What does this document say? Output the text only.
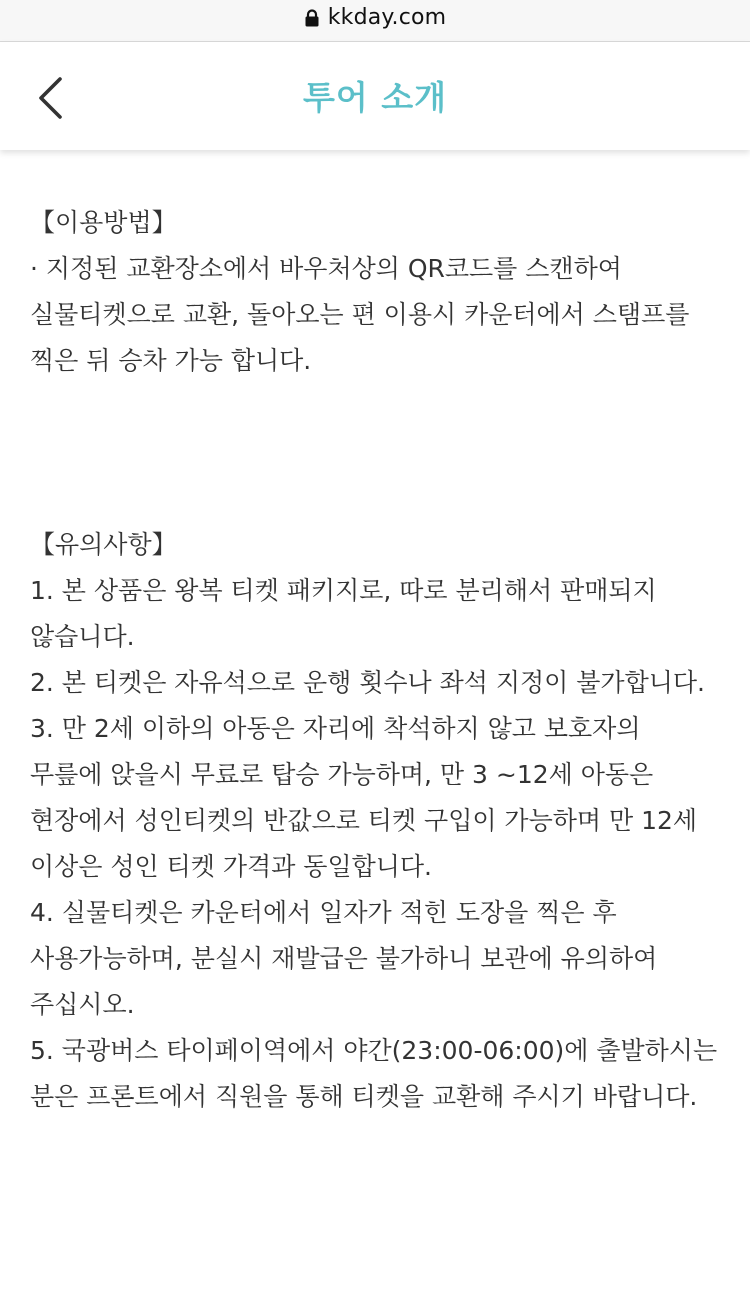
kkday.com
투어 소개

【이용방법】

· 지정된 교환장소에서 바우처상의 QR코드를 스캔하여 실물티켓으로 교환, 돌아오는 편 이용시 카운터에서 스탬프를 찍은 뒤 승차 가능 합니다.

【유의사항】

1. 본 상품은 왕복 티켓 패키지로, 따로 분리해서 판매되지 않습니다.

2. 본 티켓은 자유석으로 운행 횟수나 좌석 지정이 불가합니다.

3. 만 2세 이하의 아동은 자리에 착석하지 않고 보호자의 무릎에 앉을시 무료로 탑승 가능하며, 만 3 ~12세 아동은 현장에서 성인티켓의 반값으로 티켓 구입이 가능하며 만 12세 이상은 성인 티켓 가격과 동일합니다.

4. 실물티켓은 카운터에서 일자가 적힌 도장을 찍은 후 사용가능하며, 분실시 재발급은 불가하니 보관에 유의하여 주십시오.

5. 국광버스 타이페이역에서 야간(23:00-06:00)에 출발하시는 분은 프론트에서 직원을 통해 티켓을 교환해 주시기 바랍니다.
